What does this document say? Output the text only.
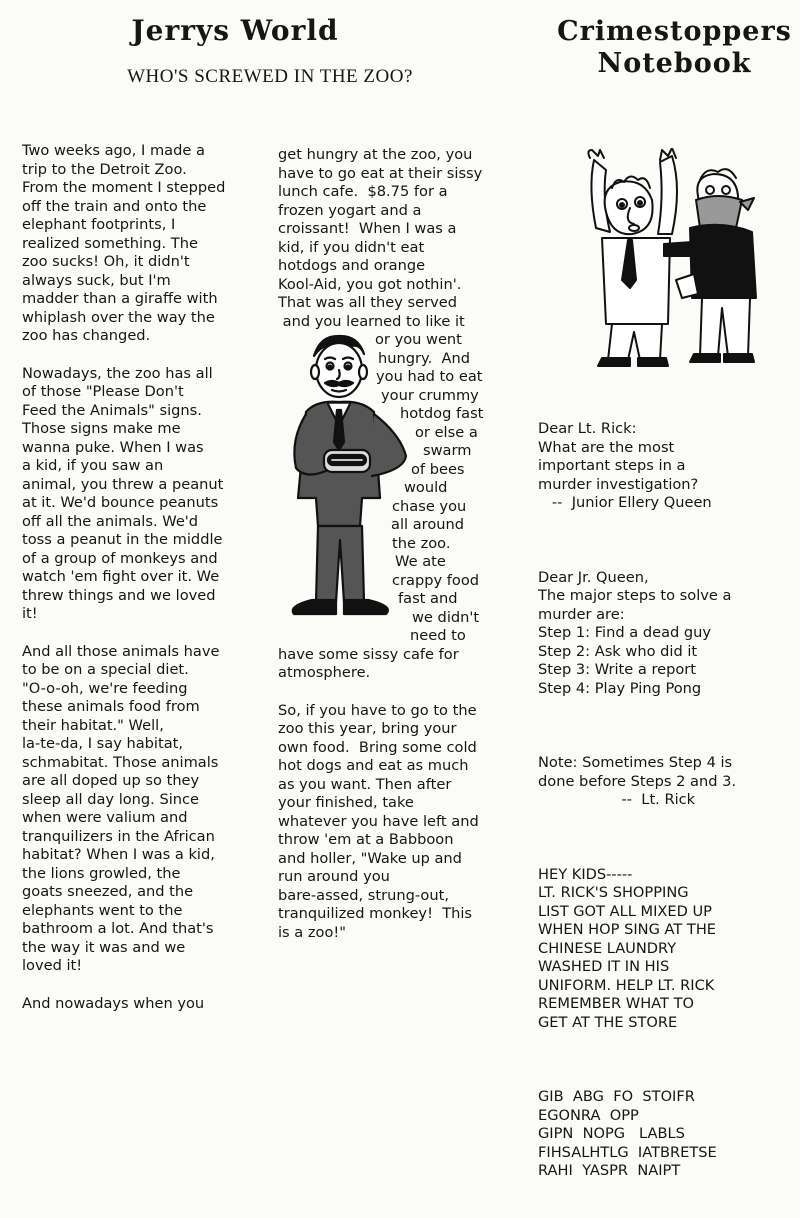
Jerrys World
WHO'S SCREWED IN THE ZOO?
Crimestoppers
Notebook

Two weeks ago, I made a
trip to the Detroit Zoo.
From the moment I stepped
off the train and onto the
elephant footprints, I
realized something. The
zoo sucks! Oh, it didn't
always suck, but I'm
madder than a giraffe with
whiplash over the way the
zoo has changed.

Nowadays, the zoo has all
of those "Please Don't
Feed the Animals" signs.
Those signs make me
wanna puke. When I was
a kid, if you saw an
animal, you threw a peanut
at it. We'd bounce peanuts
off all the animals. We'd
toss a peanut in the middle
of a group of monkeys and
watch 'em fight over it. We
threw things and we loved
it!

And all those animals have
to be on a special diet.
"O-o-oh, we're feeding
these animals food from
their habitat." Well,
la-te-da, I say habitat,
schmabitat. Those animals
are all doped up so they
sleep all day long. Since
when were valium and
tranquilizers in the African
habitat? When I was a kid,
the lions growled, the
goats sneezed, and the
elephants went to the
bathroom a lot. And that's
the way it was and we
loved it!

And nowadays when you

get hungry at the zoo, you
have to go eat at their sissy
lunch cafe.  $8.75 for a
frozen yogart and a
croissant!  When I was a
kid, if you didn't eat
hotdogs and orange
Kool-Aid, you got nothin'.
That was all they served
and you learned to like it
or you went
hungry.  And
you had to eat
your crummy
hotdog fast
or else a
swarm
of bees
would
chase you
all around
the zoo.
We ate
crappy food
fast and
we didn't
need to
have some sissy cafe for
atmosphere.
So, if you have to go to the
zoo this year, bring your
own food.  Bring some cold
hot dogs and eat as much
as you want. Then after
your finished, take
whatever you have left and
throw 'em at a Babboon
and holler, "Wake up and
run around you
bare-assed, strung-out,
tranquilized monkey!  This
is a zoo!"

Dear Lt. Rick:
What are the most
important steps in a
murder investigation?
--  Junior Ellery Queen

Dear Jr. Queen,
The major steps to solve a
murder are:
Step 1: Find a dead guy
Step 2: Ask who did it
Step 3: Write a report
Step 4: Play Ping Pong

Note: Sometimes Step 4 is
done before Steps 2 and 3.
--  Lt. Rick

HEY KIDS-----
LT. RICK'S SHOPPING
LIST GOT ALL MIXED UP
WHEN HOP SING AT THE
CHINESE LAUNDRY
WASHED IT IN HIS
UNIFORM. HELP LT. RICK
REMEMBER WHAT TO
GET AT THE STORE

GIB  ABG  FO  STOIFR
EGONRA  OPP
GIPN  NOPG   LABLS
FIHSALHTLG  IATBRETSE
RAHI  YASPR  NAIPT
